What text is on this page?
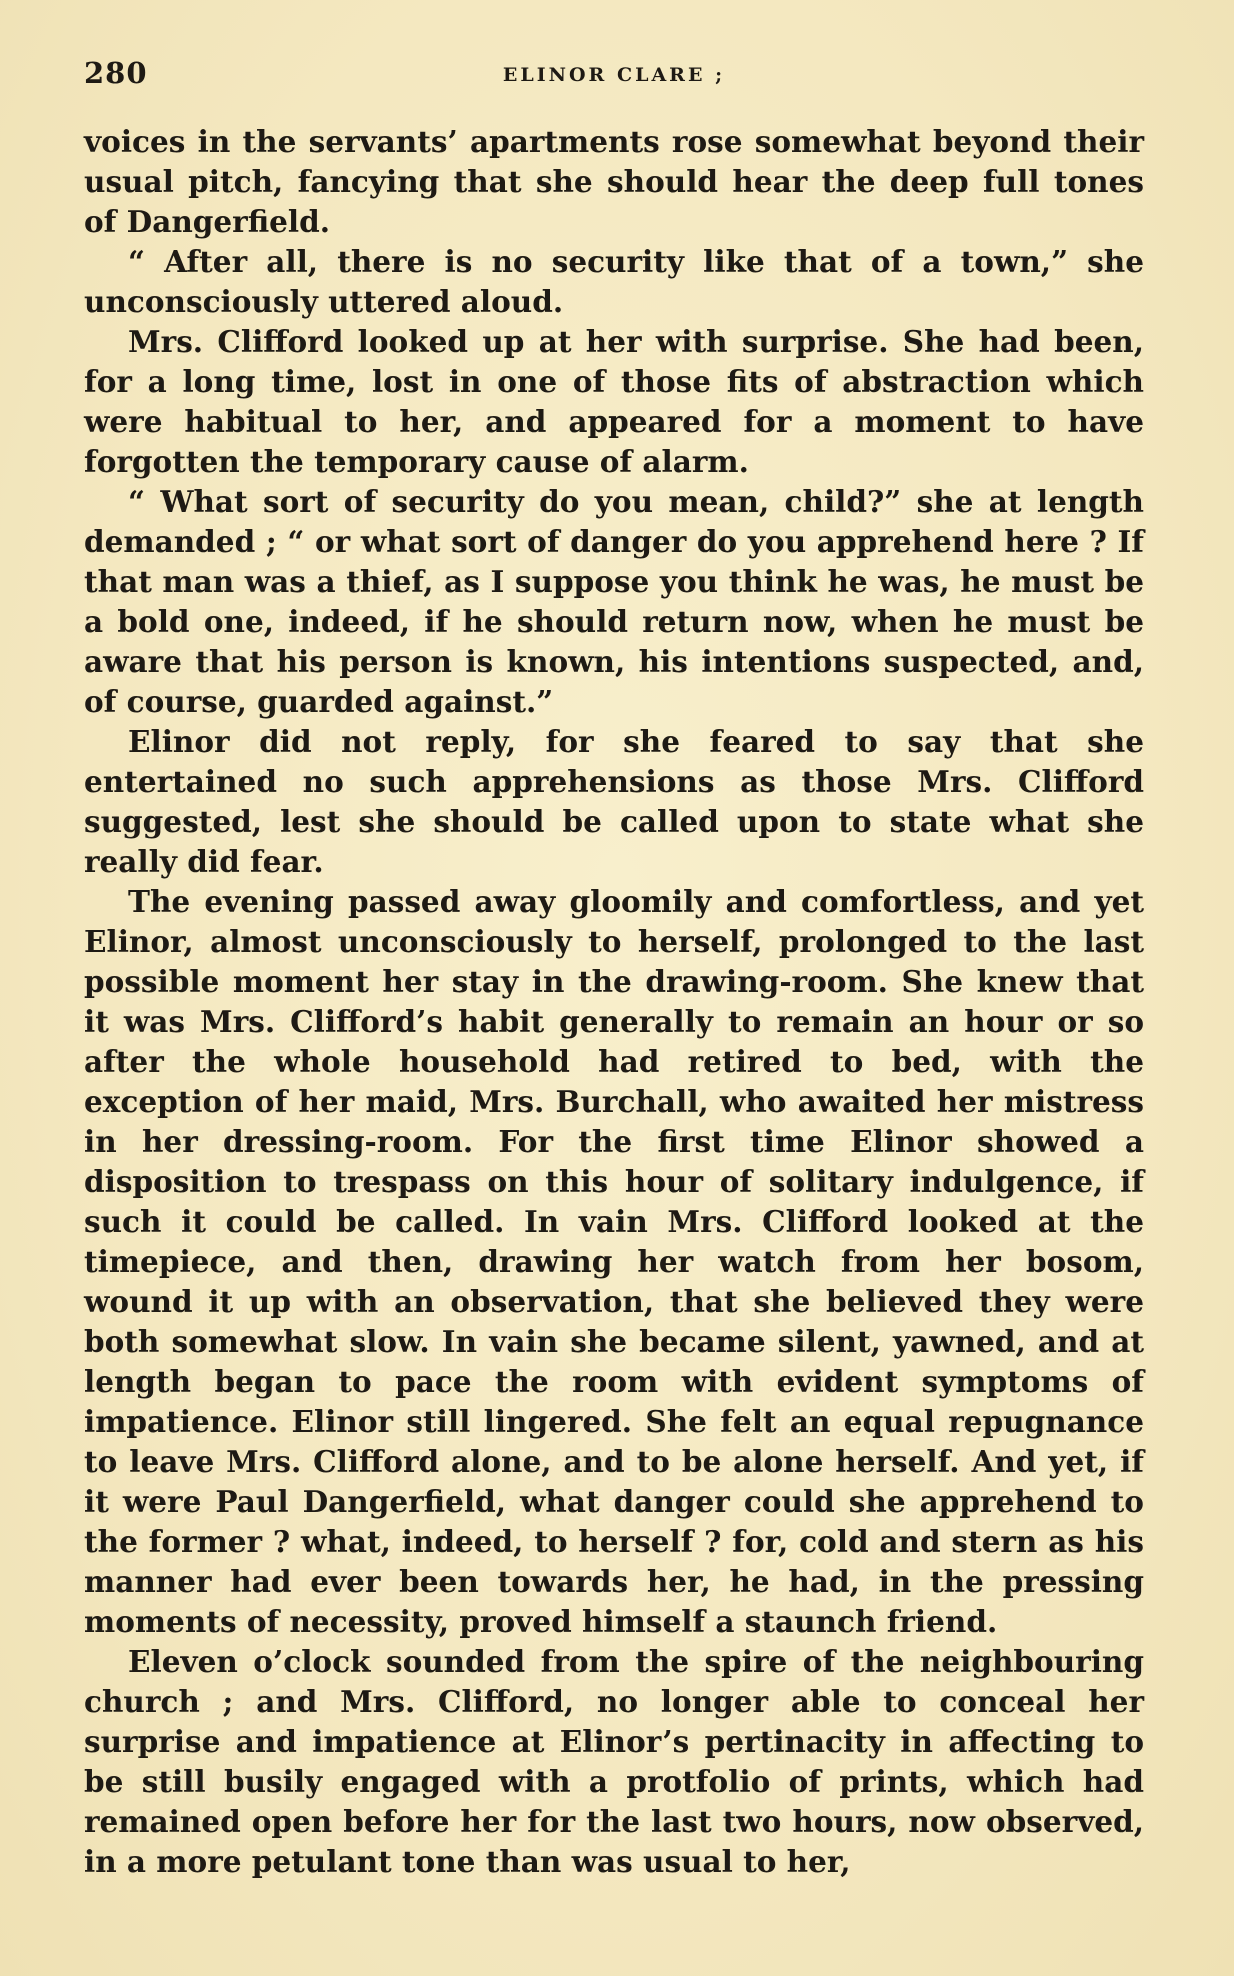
280	ELINOR CLARE ;

voices in the servants’ apartments rose somewhat beyond their usual pitch, fancying that she should hear the deep full tones of Dangerfield.

“ After all, there is no security like that of a town,” she unconsciously uttered aloud.

Mrs. Clifford looked up at her with surprise. She had been, for a long time, lost in one of those fits of abstraction which were habitual to her, and appeared for a moment to have forgotten the temporary cause of alarm.

“ What sort of security do you mean, child?” she at length demanded ; “ or what sort of danger do you apprehend here ? If that man was a thief, as I suppose you think he was, he must be a bold one, indeed, if he should return now, when he must be aware that his person is known, his intentions suspected, and, of course, guarded against.”

Elinor did not reply, for she feared to say that she entertained no such apprehensions as those Mrs. Clifford suggested, lest she should be called upon to state what she really did fear.

The evening passed away gloomily and comfortless, and yet Elinor, almost unconsciously to herself, prolonged to the last possible moment her stay in the drawing-room. She knew that it was Mrs. Clifford’s habit generally to remain an hour or so after the whole household had retired to bed, with the exception of her maid, Mrs. Burchall, who awaited her mistress in her dressing-room. For the first time Elinor showed a disposition to trespass on this hour of solitary indulgence, if such it could be called. In vain Mrs. Clifford looked at the timepiece, and then, drawing her watch from her bosom, wound it up with an observation, that she believed they were both somewhat slow. In vain she became silent, yawned, and at length began to pace the room with evident symptoms of impatience. Elinor still lingered. She felt an equal repugnance to leave Mrs. Clifford alone, and to be alone herself. And yet, if it were Paul Dangerfield, what danger could she apprehend to the former ? what, indeed, to herself ? for, cold and stern as his manner had ever been towards her, he had, in the pressing moments of necessity, proved himself a staunch friend.

Eleven o’clock sounded from the spire of the neighbouring church ; and Mrs. Clifford, no longer able to conceal her surprise and impatience at Elinor’s pertinacity in affecting to be still busily engaged with a protfolio of prints, which had remained open before her for the last two hours, now observed, in a more petulant tone than was usual to her,
